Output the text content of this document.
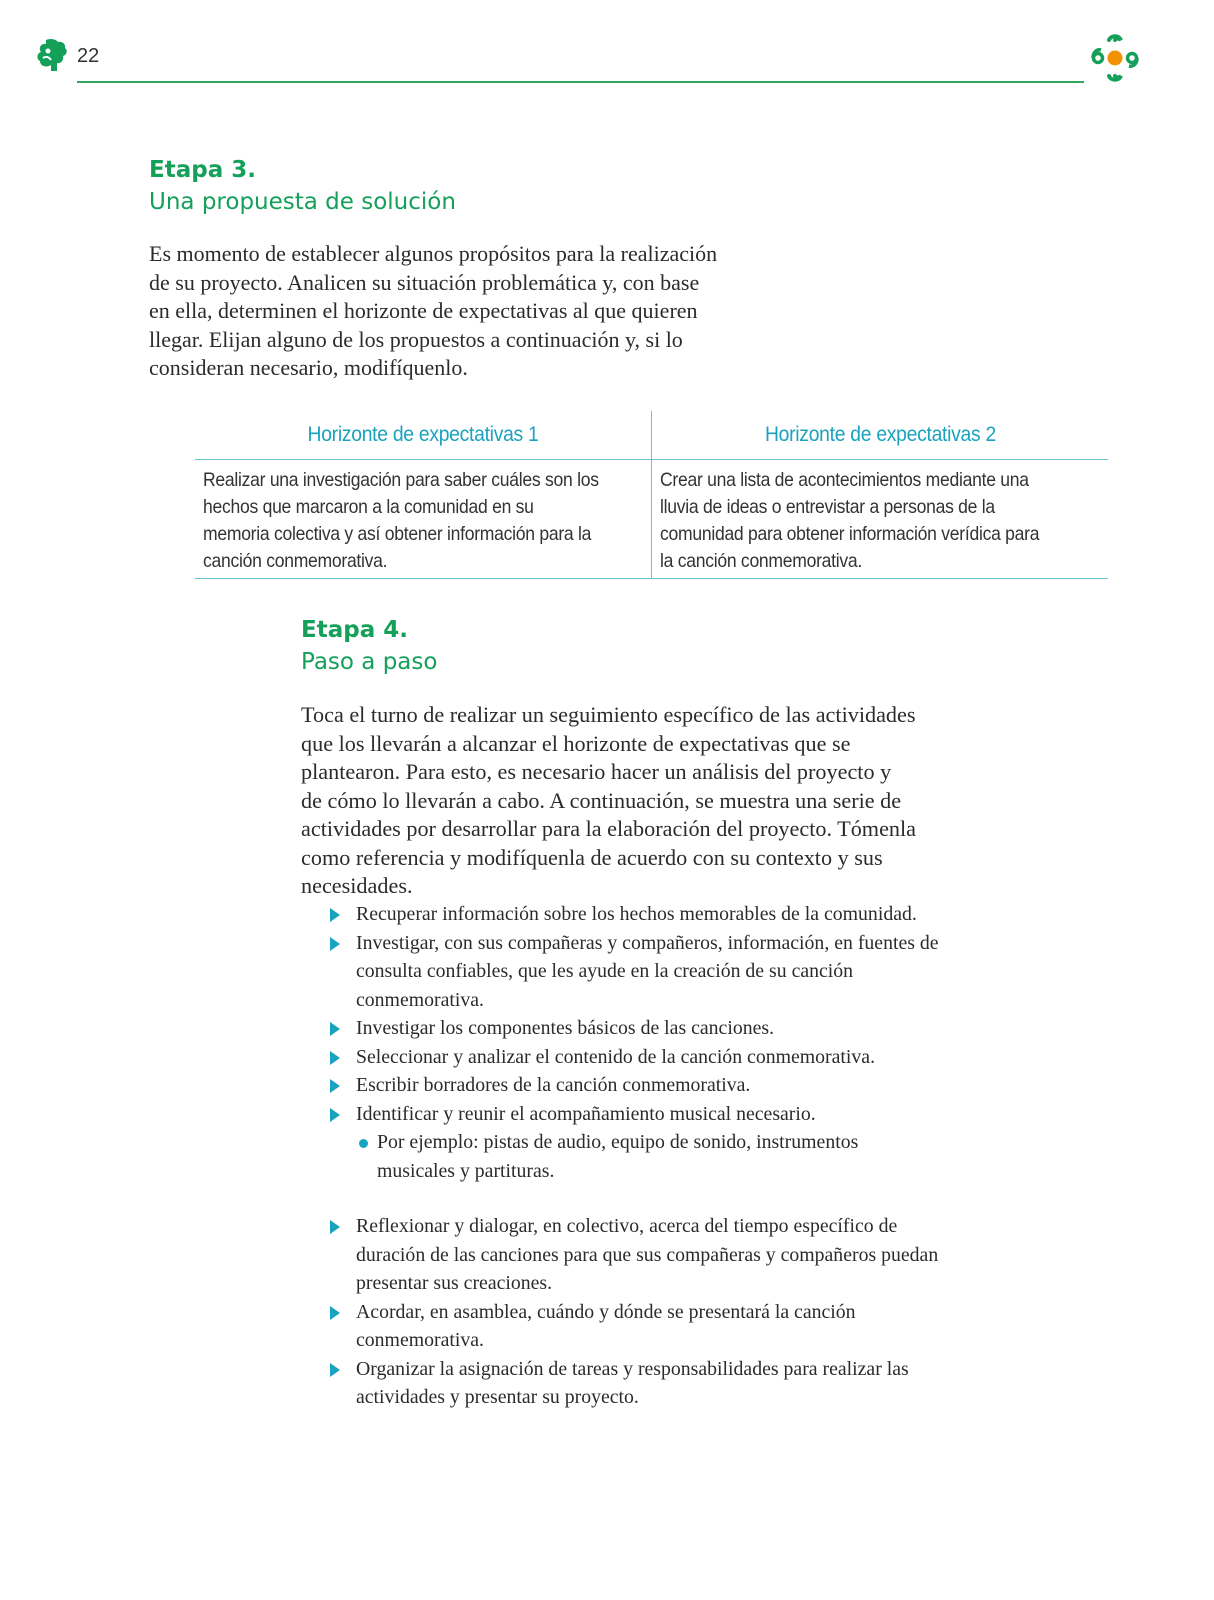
22
Etapa 3.
Una propuesta de solución
Es momento de establecer algunos propósitos para la realización
de su proyecto. Analicen su situación problemática y, con base
en ella, determinen el horizonte de expectativas al que quieren
llegar. Elijan alguno de los propuestos a continuación y, si lo
consideran necesario, modifíquenlo.
Horizonte de expectativas 1	Horizonte de expectativas 2

Realizar una investigación para saber cuáles son los hechos que marcaron a la comunidad en su memoria colectiva y así obtener información para la canción conmemorativa.	Crear una lista de acontecimientos mediante una lluvia de ideas o entrevistar a personas de la comunidad para obtener información verídica para la canción conmemorativa.
Etapa 4.
Paso a paso
Toca el turno de realizar un seguimiento específico de las actividades
que los llevarán a alcanzar el horizonte de expectativas que se
plantearon. Para esto, es necesario hacer un análisis del proyecto y
de cómo lo llevarán a cabo. A continuación, se muestra una serie de
actividades por desarrollar para la elaboración del proyecto. Tómenla
como referencia y modifíquenla de acuerdo con su contexto y sus
necesidades.
Recuperar información sobre los hechos memorables de la comunidad.
Investigar, con sus compañeras y compañeros, información, en fuentes de consulta confiables, que les ayude en la creación de su canción conmemorativa.
Investigar los componentes básicos de las canciones.
Seleccionar y analizar el contenido de la canción conmemorativa.
Escribir borradores de la canción conmemorativa.
Identificar y reunir el acompañamiento musical necesario.
Por ejemplo: pistas de audio, equipo de sonido, instrumentos musicales y partituras.
Reflexionar y dialogar, en colectivo, acerca del tiempo específico de duración de las canciones para que sus compañeras y compañeros puedan presentar sus creaciones.
Acordar, en asamblea, cuándo y dónde se presentará la canción conmemorativa.
Organizar la asignación de tareas y responsabilidades para realizar las actividades y presentar su proyecto.
